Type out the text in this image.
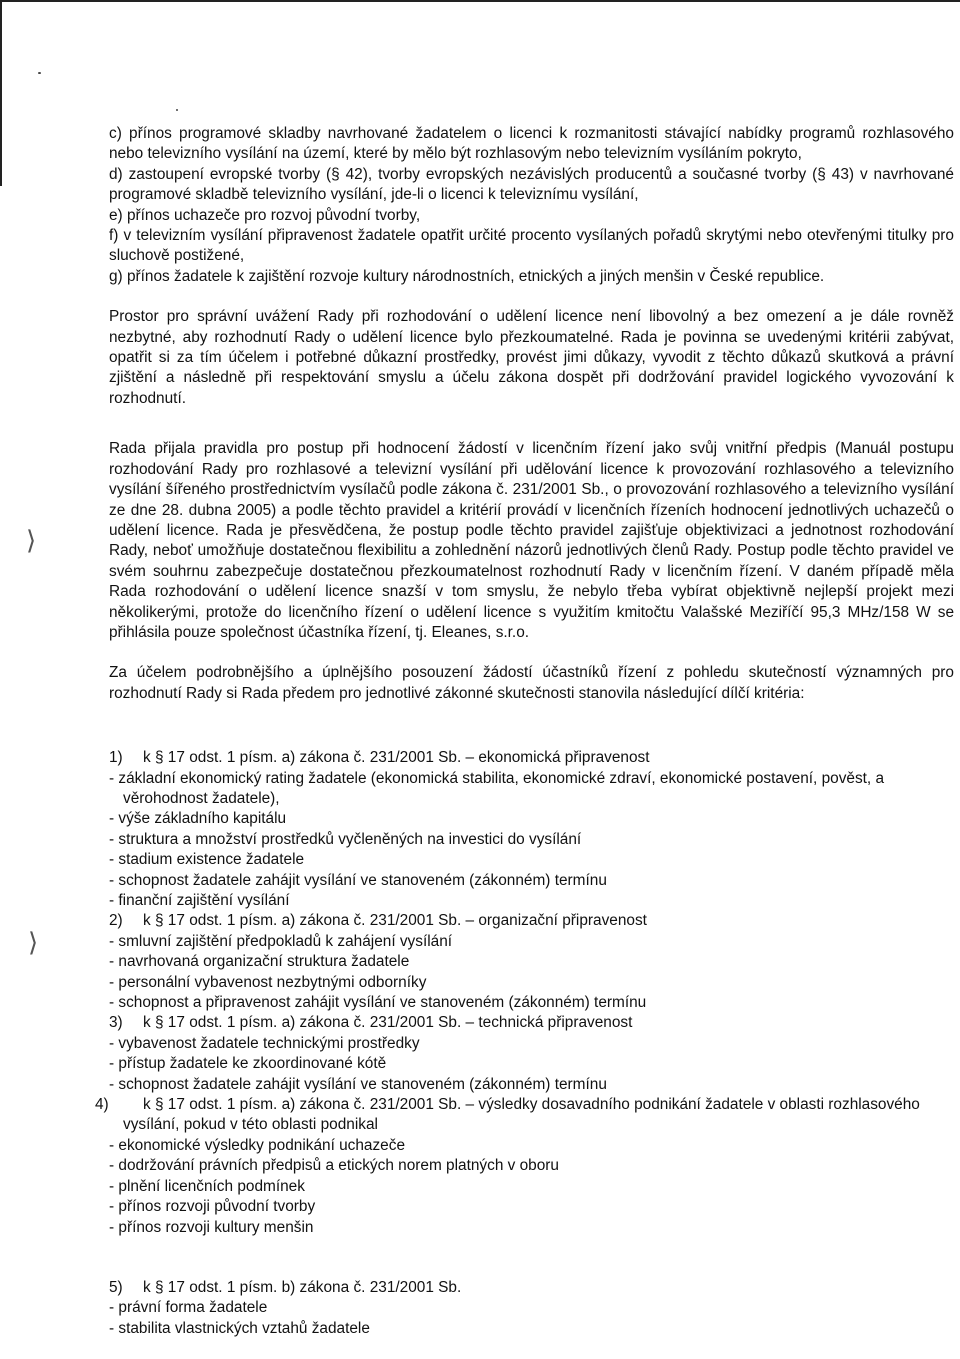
⟩
⟩

c) přínos programové skladby navrhované žadatelem o licenci k rozmanitosti stávající nabídky programů rozhlasového nebo televizního vysílání na území, které by mělo být rozhlasovým nebo televizním vysíláním pokryto,

d) zastoupení evropské tvorby (§ 42), tvorby evropských nezávislých producentů a současné tvorby (§ 43) v navrhované programové skladbě televizního vysílání, jde-li o licenci k televiznímu vysílání,

e) přínos uchazeče pro rozvoj původní tvorby,

f) v televizním vysílání připravenost žadatele opatřit určité procento vysílaných pořadů skrytými nebo otevřenými titulky pro sluchově postižené,

g) přínos žadatele k zajištění rozvoje kultury národnostních, etnických a jiných menšin v České republice.

Prostor pro správní uvážení Rady při rozhodování o udělení licence není libovolný a bez omezení a je dále rovněž nezbytné, aby rozhodnutí Rady o udělení licence bylo přezkoumatelné. Rada je povinna se uvedenými kritérii zabývat, opatřit si za tím účelem i potřebné důkazní prostředky, provést jimi důkazy, vyvodit z těchto důkazů skutková a právní zjištění a následně při respektování smyslu a účelu zákona dospět při dodržování pravidel logického vyvozování k rozhodnutí.

Rada přijala pravidla pro postup při hodnocení žádostí v licenčním řízení jako svůj vnitřní předpis (Manuál postupu rozhodování Rady pro rozhlasové a televizní vysílání při udělování licence k provozování rozhlasového a televizního vysílání šířeného prostřednictvím vysílačů podle zákona č. 231/2001 Sb., o provozování rozhlasového a televizního vysílání ze dne 28. dubna 2005) a podle těchto pravidel a kritérií provádí v licenčních řízeních hodnocení jednotlivých uchazečů o udělení licence. Rada je přesvědčena, že postup podle těchto pravidel zajišťuje objektivizaci a jednotnost rozhodování Rady, neboť umožňuje dostatečnou flexibilitu a zohlednění názorů jednotlivých členů Rady. Postup podle těchto pravidel ve svém souhrnu zabezpečuje dostatečnou přezkoumatelnost rozhodnutí Rady v licenčním řízení. V daném případě měla Rada rozhodování o udělení licence snazší v tom smyslu, že nebylo třeba vybírat objektivně nejlepší projekt mezi několikerými, protože do licenčního řízení o udělení licence s využitím kmitočtu Valašské Meziříčí 95,3 MHz/158 W se přihlásila pouze společnost účastníka řízení, tj. Eleanes, s.r.o.

Za účelem podrobnějšího a úplnějšího posouzení žádostí účastníků řízení z pohledu skutečností významných pro rozhodnutí Rady si Rada předem pro jednotlivé zákonné skutečnosti stanovila následující dílčí kritéria:

1) k § 17 odst. 1 písm. a) zákona č. 231/2001 Sb. – ekonomická připravenost
- základní ekonomický rating žadatele (ekonomická stabilita, ekonomické zdraví, ekonomické postavení, pověst, a věrohodnost žadatele),
- výše základního kapitálu
- struktura a množství prostředků vyčleněných na investici do vysílání
- stadium existence žadatele
- schopnost žadatele zahájit vysílání ve stanoveném (zákonném) termínu
- finanční zajištění vysílání
2) k § 17 odst. 1 písm. a) zákona č. 231/2001 Sb. – organizační připravenost
- smluvní zajištění předpokladů k zahájení vysílání
- navrhovaná organizační struktura žadatele
- personální vybavenost nezbytnými odborníky
- schopnost a připravenost zahájit vysílání ve stanoveném (zákonném) termínu
3) k § 17 odst. 1 písm. a) zákona č. 231/2001 Sb. – technická připravenost
- vybavenost žadatele technickými prostředky
- přístup žadatele ke zkoordinované kótě
- schopnost žadatele zahájit vysílání ve stanoveném (zákonném) termínu
4) k § 17 odst. 1 písm. a) zákona č. 231/2001 Sb. – výsledky dosavadního podnikání žadatele v oblasti rozhlasového vysílání, pokud v této oblasti podnikal
- ekonomické výsledky podnikání uchazeče
- dodržování právních předpisů a etických norem platných v oboru
- plnění licenčních podmínek
- přínos rozvoji původní tvorby
- přínos rozvoji kultury menšin
5) k § 17 odst. 1 písm. b) zákona č. 231/2001 Sb.
- právní forma žadatele
- stabilita vlastnických vztahů žadatele
